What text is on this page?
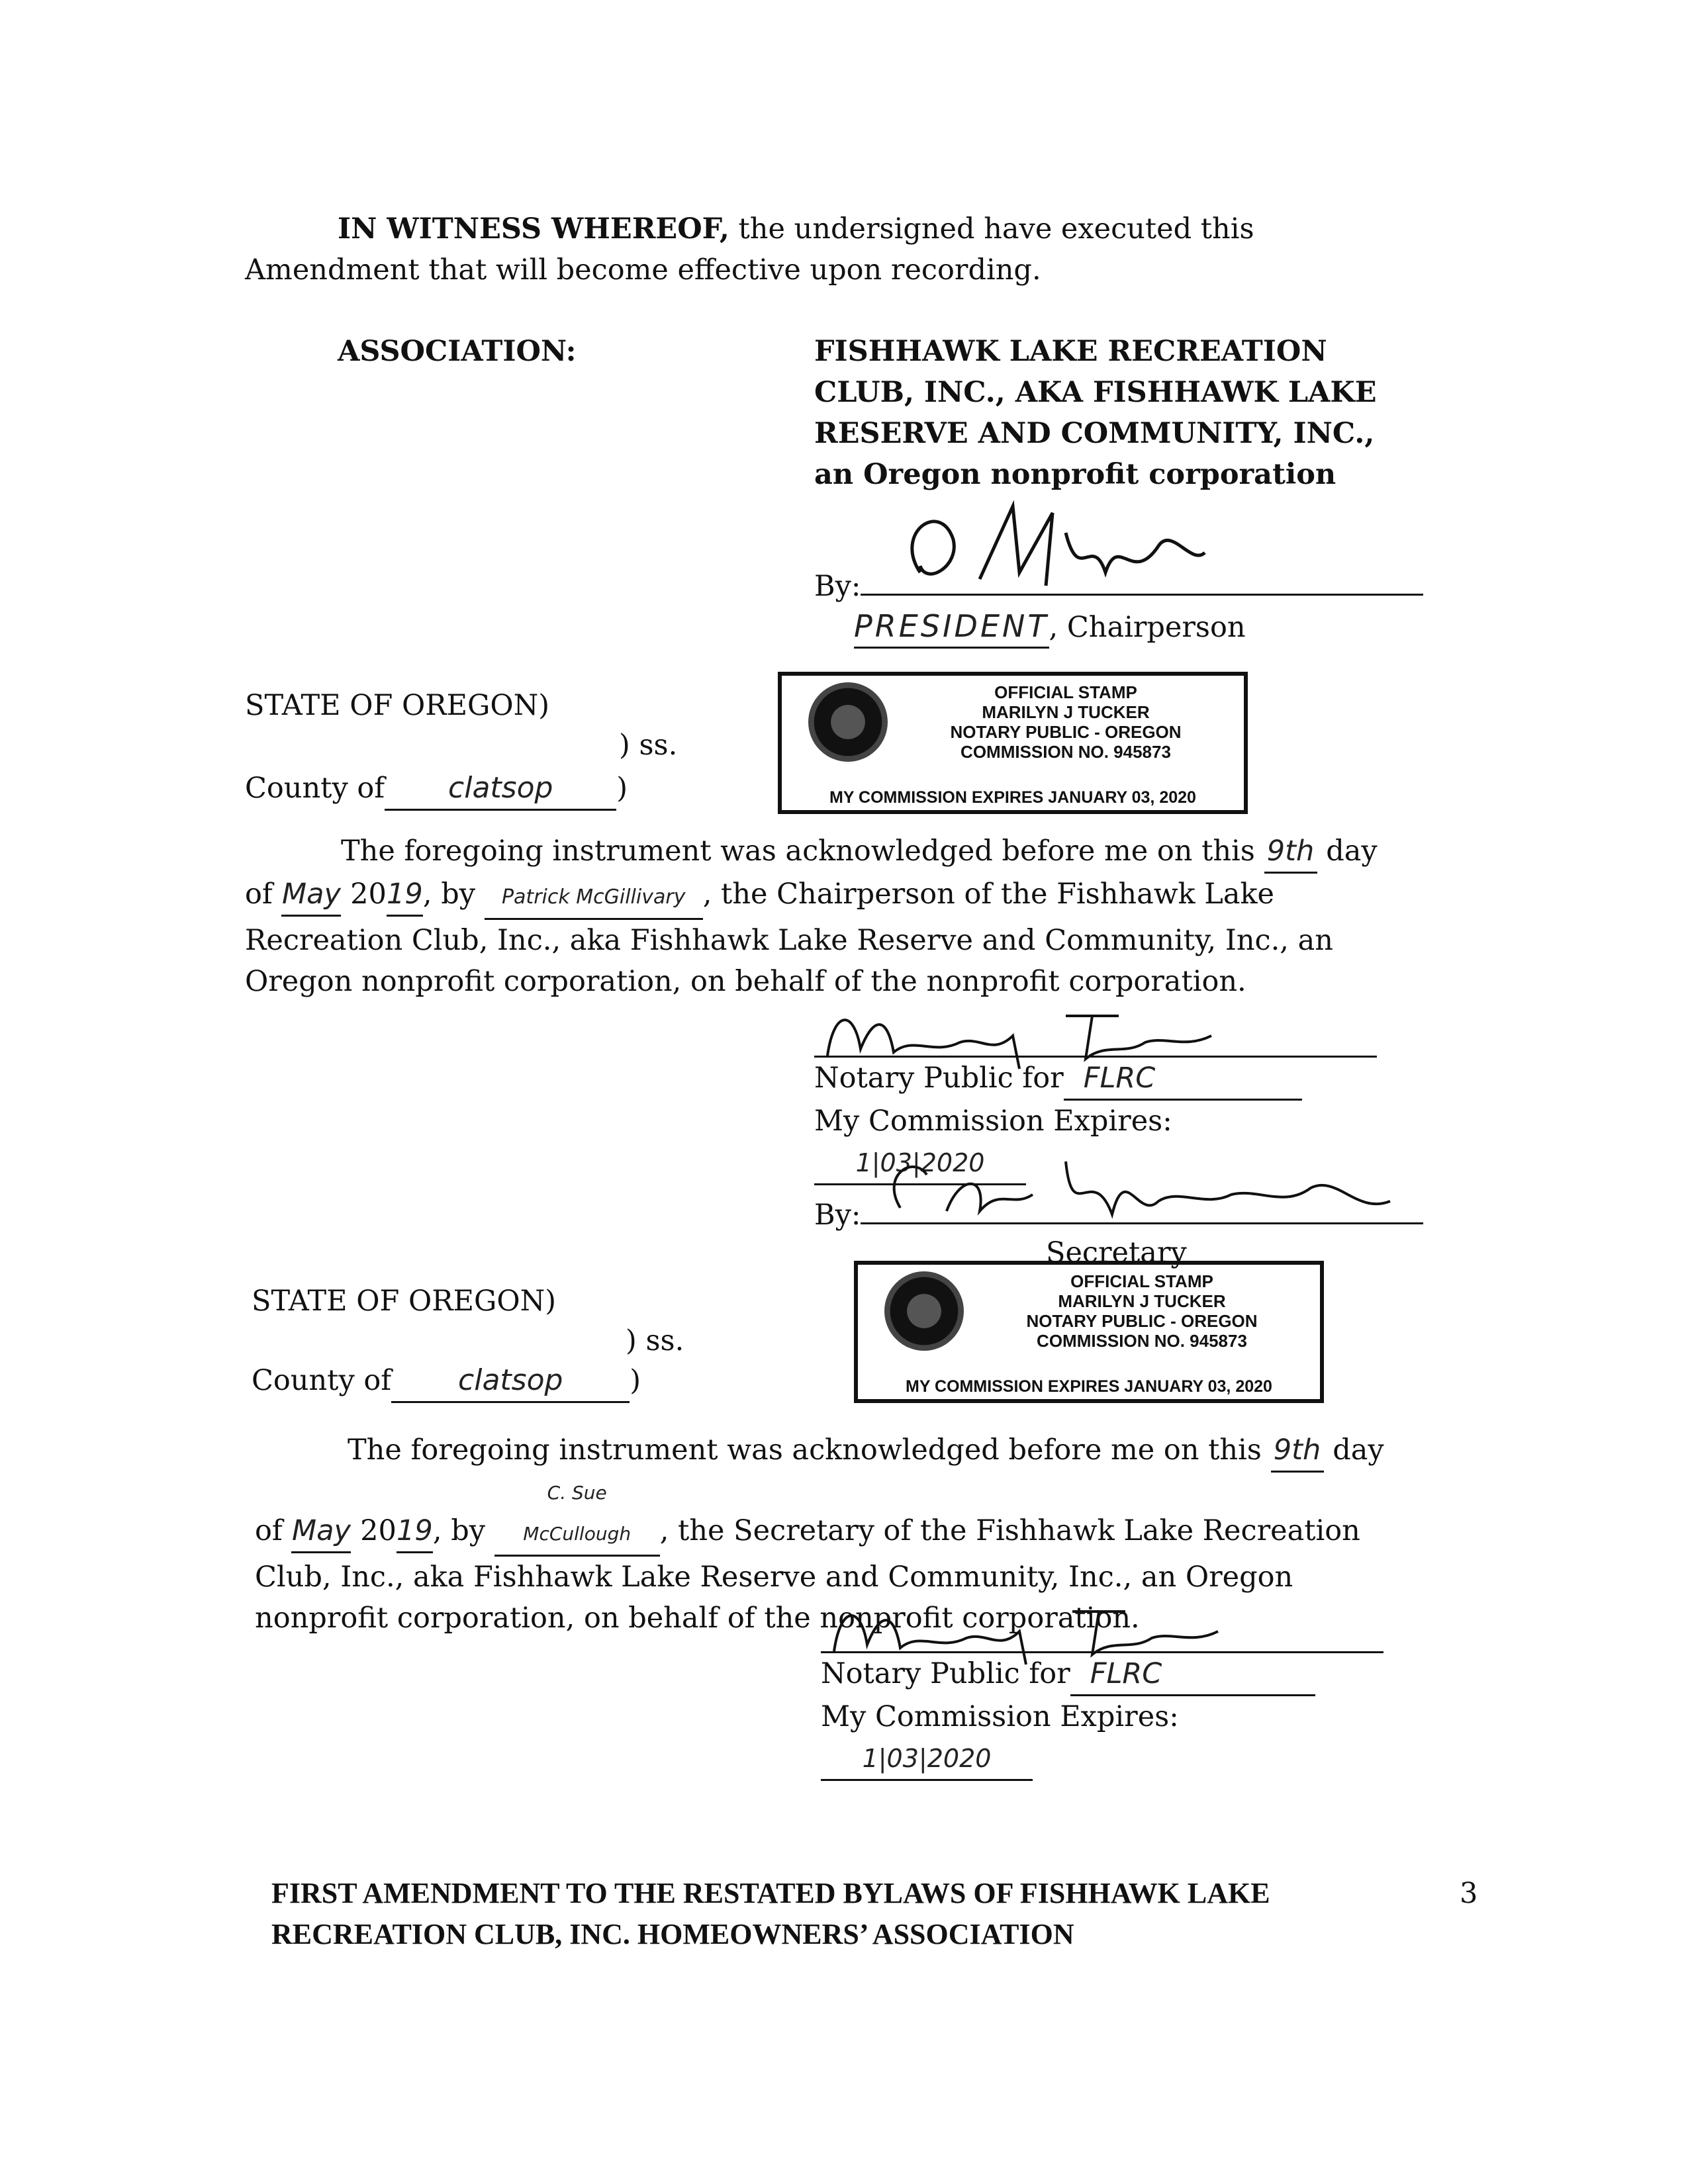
IN WITNESS WHEREOF, the undersigned have executed this
Amendment that will become effective upon recording.
ASSOCIATION:	FISHHAWK LAKE RECREATION
CLUB, INC., AKA FISHHAWK LAKE
RESERVE AND COMMUNITY, INC.,
an Oregon nonprofit corporation
By:
PRESIDENT, Chairperson
STATE OF OREGON)
) ss.
County of clatsop )
OFFICIAL STAMP
MARILYN J TUCKER
NOTARY PUBLIC - OREGON
COMMISSION NO. 945873
MY COMMISSION EXPIRES JANUARY 03, 2020
The foregoing instrument was acknowledged before me on this 9th day
of May 2019, by Patrick McGillivary , the Chairperson of the Fishhawk Lake
Recreation Club, Inc., aka Fishhawk Lake Reserve and Community, Inc., an
Oregon nonprofit corporation, on behalf of the nonprofit corporation.
Notary Public for FLRC
My Commission Expires:1|03|2020
By:
Secretary
STATE OF OREGON)
) ss.
County of clatsop )
OFFICIAL STAMP
MARILYN J TUCKER
NOTARY PUBLIC - OREGON
COMMISSION NO. 945873
MY COMMISSION EXPIRES JANUARY 03, 2020
The foregoing instrument was acknowledged before me on this 9th day
of May 2019, by C. Sue McCullough , the Secretary of the Fishhawk Lake Recreation
Club, Inc., aka Fishhawk Lake Reserve and Community, Inc., an Oregon
nonprofit corporation, on behalf of the nonprofit corporation.
Notary Public for FLRC
My Commission Expires:1|03|2020
FIRST AMENDMENT TO THE RESTATED BYLAWS OF FISHHAWK LAKE
RECREATION CLUB, INC. HOMEOWNERS’ ASSOCIATION
3
